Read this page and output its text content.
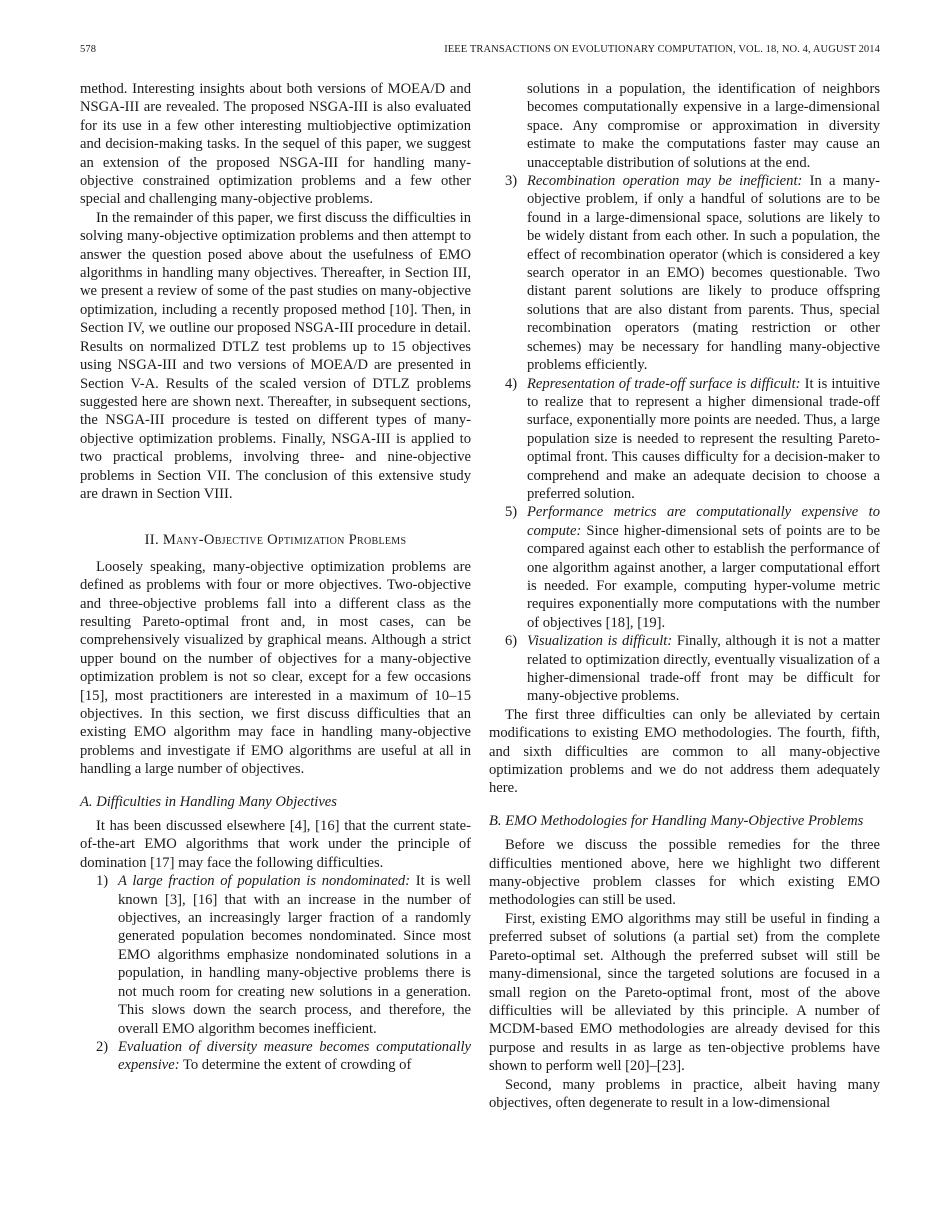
578	IEEE TRANSACTIONS ON EVOLUTIONARY COMPUTATION, VOL. 18, NO. 4, AUGUST 2014

method. Interesting insights about both versions of MOEA/D and NSGA-III are revealed. The proposed NSGA-III is also evaluated for its use in a few other interesting multiobjective optimization and decision-making tasks. In the sequel of this paper, we suggest an extension of the proposed NSGA-III for handling many-objective constrained optimization problems and a few other special and challenging many-objective problems.

In the remainder of this paper, we first discuss the difficulties in solving many-objective optimization problems and then attempt to answer the question posed above about the usefulness of EMO algorithms in handling many objectives. Thereafter, in Section III, we present a review of some of the past studies on many-objective optimization, including a recently proposed method [10]. Then, in Section IV, we outline our proposed NSGA-III procedure in detail. Results on normalized DTLZ test problems up to 15 objectives using NSGA-III and two versions of MOEA/D are presented in Section V-A. Results of the scaled version of DTLZ problems suggested here are shown next. Thereafter, in subsequent sections, the NSGA-III procedure is tested on different types of many-objective optimization problems. Finally, NSGA-III is applied to two practical problems, involving three- and nine-objective problems in Section VII. The conclusion of this extensive study are drawn in Section VIII.

II. Many-Objective Optimization Problems

Loosely speaking, many-objective optimization problems are defined as problems with four or more objectives. Two-objective and three-objective problems fall into a different class as the resulting Pareto-optimal front and, in most cases, can be comprehensively visualized by graphical means. Although a strict upper bound on the number of objectives for a many-objective optimization problem is not so clear, except for a few occasions [15], most practitioners are interested in a maximum of 10–15 objectives. In this section, we first discuss difficulties that an existing EMO algorithm may face in handling many-objective problems and investigate if EMO algorithms are useful at all in handling a large number of objectives.

A. Difficulties in Handling Many Objectives

It has been discussed elsewhere [4], [16] that the current state-of-the-art EMO algorithms that work under the principle of domination [17] may face the following difficulties.

1) A large fraction of population is nondominated: It is well known [3], [16] that with an increase in the number of objectives, an increasingly larger fraction of a randomly generated population becomes nondominated. Since most EMO algorithms emphasize nondominated solutions in a population, in handling many-objective problems there is not much room for creating new solutions in a generation. This slows down the search process, and therefore, the overall EMO algorithm becomes inefficient.
2) Evaluation of diversity measure becomes computationally expensive: To determine the extent of crowding of
solutions in a population, the identification of neighbors becomes computationally expensive in a large-dimensional space. Any compromise or approximation in diversity estimate to make the computations faster may cause an unacceptable distribution of solutions at the end.
3) Recombination operation may be inefficient: In a many-objective problem, if only a handful of solutions are to be found in a large-dimensional space, solutions are likely to be widely distant from each other. In such a population, the effect of recombination operator (which is considered a key search operator in an EMO) becomes questionable. Two distant parent solutions are likely to produce offspring solutions that are also distant from parents. Thus, special recombination operators (mating restriction or other schemes) may be necessary for handling many-objective problems efficiently.
4) Representation of trade-off surface is difficult: It is intuitive to realize that to represent a higher dimensional trade-off surface, exponentially more points are needed. Thus, a large population size is needed to represent the resulting Pareto-optimal front. This causes difficulty for a decision-maker to comprehend and make an adequate decision to choose a preferred solution.
5) Performance metrics are computationally expensive to compute: Since higher-dimensional sets of points are to be compared against each other to establish the performance of one algorithm against another, a larger computational effort is needed. For example, computing hyper-volume metric requires exponentially more computations with the number of objectives [18], [19].
6) Visualization is difficult: Finally, although it is not a matter related to optimization directly, eventually visualization of a higher-dimensional trade-off front may be difficult for many-objective problems.

The first three difficulties can only be alleviated by certain modifications to existing EMO methodologies. The fourth, fifth, and sixth difficulties are common to all many-objective optimization problems and we do not address them adequately here.

B. EMO Methodologies for Handling Many-Objective Problems

Before we discuss the possible remedies for the three difficulties mentioned above, here we highlight two different many-objective problem classes for which existing EMO methodologies can still be used.

First, existing EMO algorithms may still be useful in finding a preferred subset of solutions (a partial set) from the complete Pareto-optimal set. Although the preferred subset will still be many-dimensional, since the targeted solutions are focused in a small region on the Pareto-optimal front, most of the above difficulties will be alleviated by this principle. A number of MCDM-based EMO methodologies are already devised for this purpose and results in as large as ten-objective problems have shown to perform well [20]–[23].

Second, many problems in practice, albeit having many objectives, often degenerate to result in a low-dimensional
